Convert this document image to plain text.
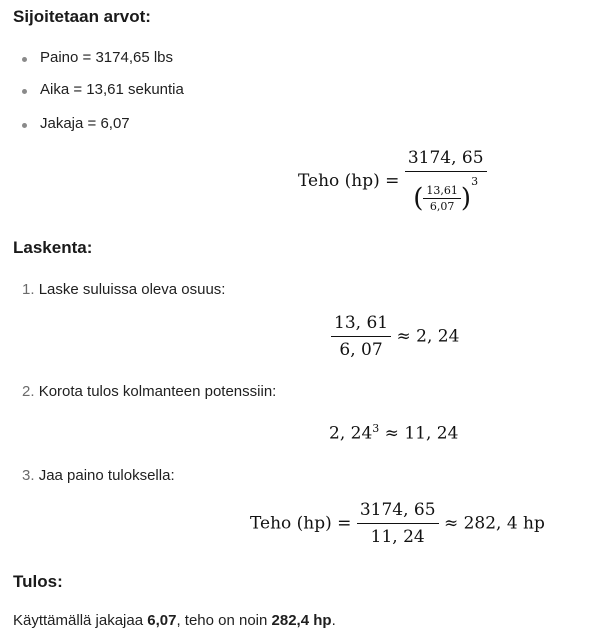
Sijoitetaan arvot:
Paino = 3174,65 lbs
Aika = 13,61 sekuntia
Jakaja = 6,07
Teho $(hp) = \frac{3174, 65}{( \frac{13,61}{6,07} )^3}$
Laskenta:
1. Laske suluissa oleva osuus:
$\frac{13, 61}{6, 07} \approx 2$, 24
2. Korota tulos kolmanteen potenssiin:
2, $24^3 \approx 11$, 24
3. Jaa paino tuloksella:
Teho $(hp) = \frac{3174, 65}{11, 24} \approx 282$, 4 hp
Tulos:
Käyttämällä jakajaa 6,07, teho on noin 282,4 hp.
